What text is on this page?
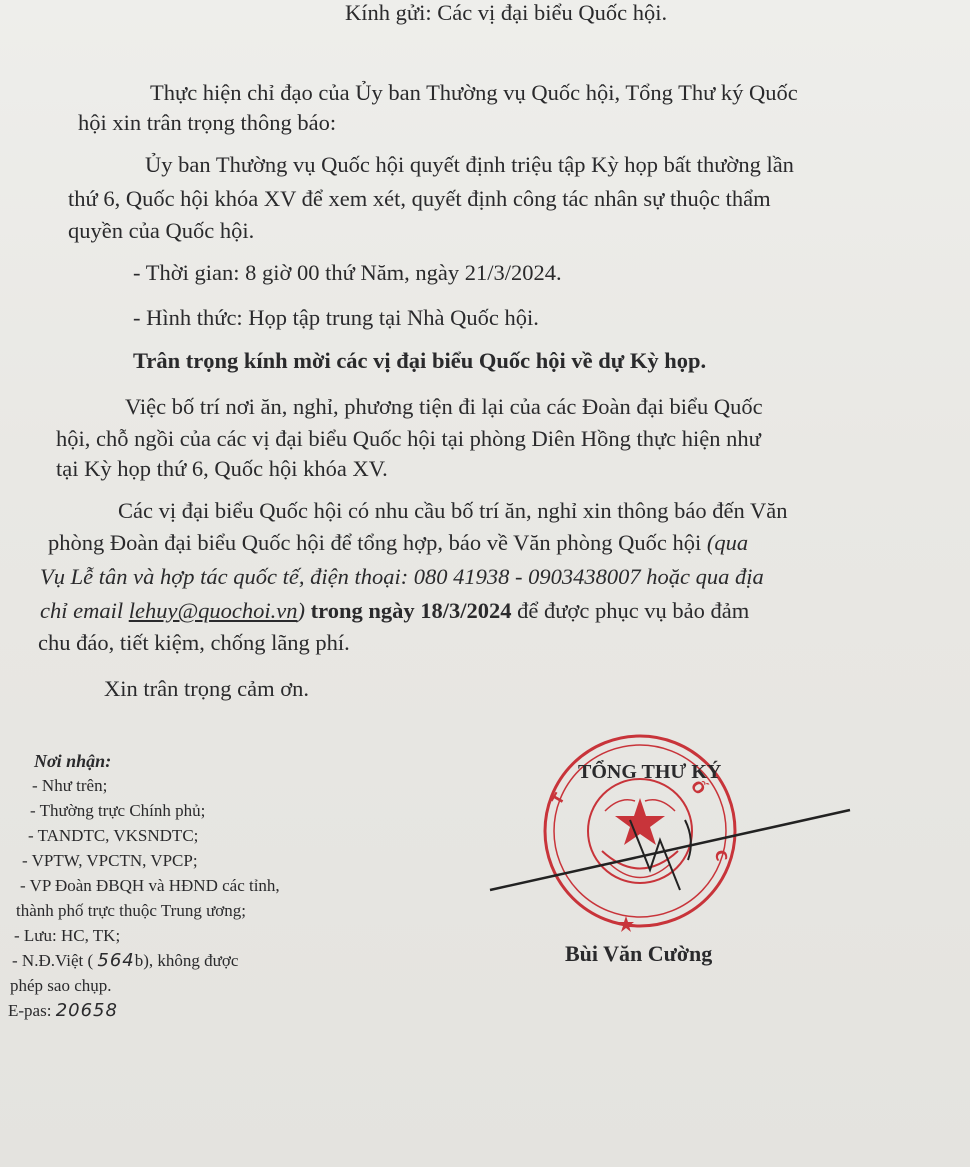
Kính gửi: Các vị đại biểu Quốc hội.
Thực hiện chỉ đạo của Ủy ban Thường vụ Quốc hội, Tổng Thư ký Quốc
hội xin trân trọng thông báo:
Ủy ban Thường vụ Quốc hội quyết định triệu tập Kỳ họp bất thường lần
thứ 6, Quốc hội khóa XV để xem xét, quyết định công tác nhân sự thuộc thẩm
quyền của Quốc hội.
- Thời gian: 8 giờ 00 thứ Năm, ngày 21/3/2024.
- Hình thức: Họp tập trung tại Nhà Quốc hội.
Trân trọng kính mời các vị đại biểu Quốc hội về dự Kỳ họp.
Việc bố trí nơi ăn, nghỉ, phương tiện đi lại của các Đoàn đại biểu Quốc
hội, chỗ ngồi của các vị đại biểu Quốc hội tại phòng Diên Hồng thực hiện như
tại Kỳ họp thứ 6, Quốc hội khóa XV.
Các vị đại biểu Quốc hội có nhu cầu bố trí ăn, nghỉ xin thông báo đến Văn
phòng Đoàn đại biểu Quốc hội để tổng hợp, báo về Văn phòng Quốc hội (qua
Vụ Lễ tân và hợp tác quốc tế, điện thoại: 080 41938 - 0903438007 hoặc qua địa
chỉ email lehuy@quochoi.vn) trong ngày 18/3/2024 để được phục vụ bảo đảm
chu đáo, tiết kiệm, chống lãng phí.
Xin trân trọng cảm ơn.
Nơi nhận:
- Như trên;
- Thường trực Chính phủ;
- TANDTC, VKSNDTC;
- VPTW, VPCTN, VPCP;
- VP Đoàn ĐBQH và HĐND các tỉnh,
thành phố trực thuộc Trung ương;
- Lưu: HC, TK;
- N.Đ.Việt ( 564b), không được
phép sao chụp.
E-pas: 20658
T
Ố
C
TỔNG THƯ KÝ
Bùi Văn Cường
